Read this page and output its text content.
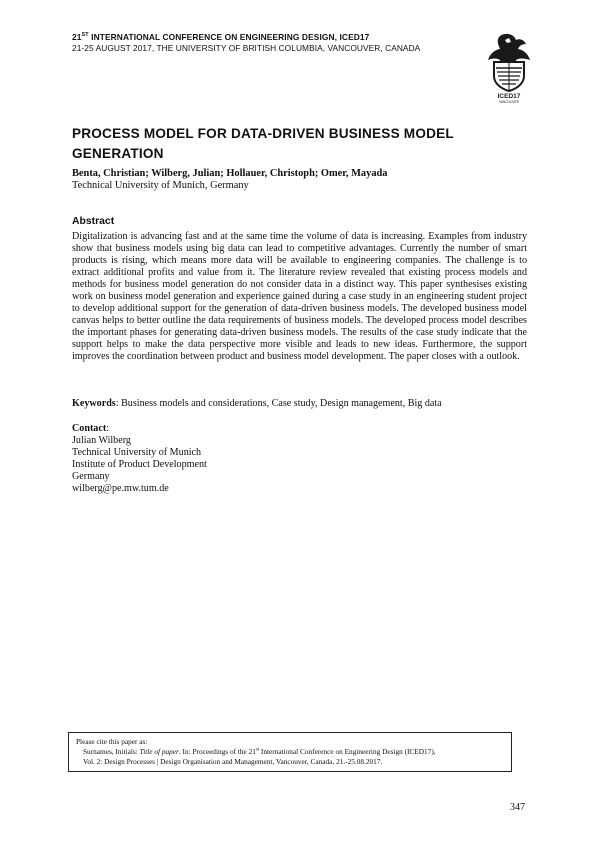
21ST INTERNATIONAL CONFERENCE ON ENGINEERING DESIGN, ICED17
21-25 AUGUST 2017, THE UNIVERSITY OF BRITISH COLUMBIA, VANCOUVER, CANADA
ICED17
VANCOUVER
PROCESS MODEL FOR DATA-DRIVEN BUSINESS MODEL GENERATION
Benta, Christian; Wilberg, Julian; Hollauer, Christoph; Omer, Mayada
Technical University of Munich, Germany
Abstract
Digitalization is advancing fast and at the same time the volume of data is increasing. Examples from industry show that business models using big data can lead to competitive advantages. Currently the number of smart products is rising, which means more data will be available to engineering companies. The challenge is to extract additional profits and value from it. The literature review revealed that existing process models and methods for business model generation do not consider data in a distinct way. This paper synthesises existing work on business model generation and experience gained during a case study in an engineering student project to develop additional support for the generation of data-driven business models. The developed business model canvas helps to better outline the data requirements of business models. The developed process model describes the important phases for generating data-driven business models. The results of the case study indicate that the support helps to make the data perspective more visible and leads to new ideas. Furthermore, the support improves the coordination between product and business model development. The paper closes with a outlook.
Keywords: Business models and considerations, Case study, Design management, Big data
Contact:
Julian Wilberg
Technical University of Munich
Institute of Product Development
Germany
wilberg@pe.mw.tum.de
Please cite this paper as:
Surnames, Initials: Title of paper. In: Proceedings of the 21st International Conference on Engineering Design (ICED17),
Vol. 2: Design Processes | Design Organisation and Management, Vancouver, Canada, 21.-25.08.2017.
347
